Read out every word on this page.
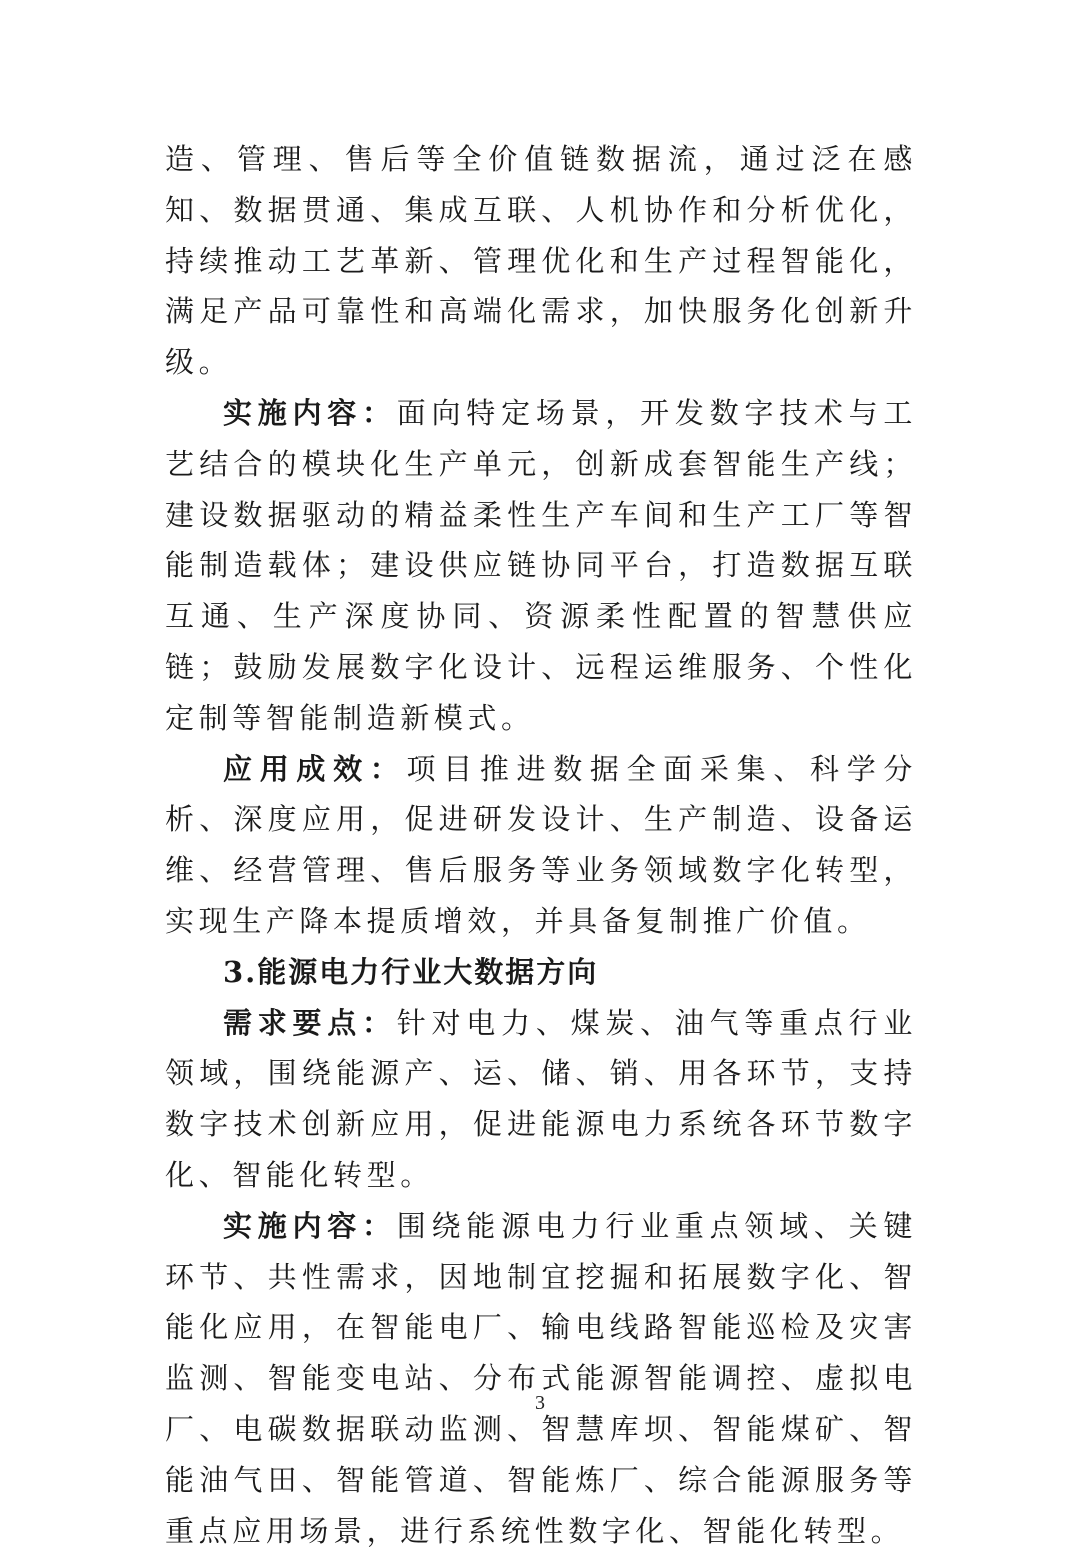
造、管理、售后等全价值链数据流，通过泛在感知、数据贯通、集成互联、人机协作和分析优化，持续推动工艺革新、管理优化和生产过程智能化，满足产品可靠性和高端化需求，加快服务化创新升级。

实施内容：面向特定场景，开发数字技术与工艺结合的模块化生产单元，创新成套智能生产线；建设数据驱动的精益柔性生产车间和生产工厂等智能制造载体；建设供应链协同平台，打造数据互联互通、生产深度协同、资源柔性配置的智慧供应链；鼓励发展数字化设计、远程运维服务、个性化定制等智能制造新模式。

应用成效：项目推进数据全面采集、科学分析、深度应用，促进研发设计、生产制造、设备运维、经营管理、售后服务等业务领域数字化转型，实现生产降本提质增效，并具备复制推广价值。

3.能源电力行业大数据方向

需求要点：针对电力、煤炭、油气等重点行业领域，围绕能源产、运、储、销、用各环节，支持数字技术创新应用，促进能源电力系统各环节数字化、智能化转型。

实施内容：围绕能源电力行业重点领域、关键环节、共性需求，因地制宜挖掘和拓展数字化、智能化应用，在智能电厂、输电线路智能巡检及灾害监测、智能变电站、分布式能源智能调控、虚拟电厂、电碳数据联动监测、智慧库坝、智能煤矿、智能油气田、智能管道、智能炼厂、综合能源服务等重点应用场景，进行系统性数字化、智能化转型。

3
